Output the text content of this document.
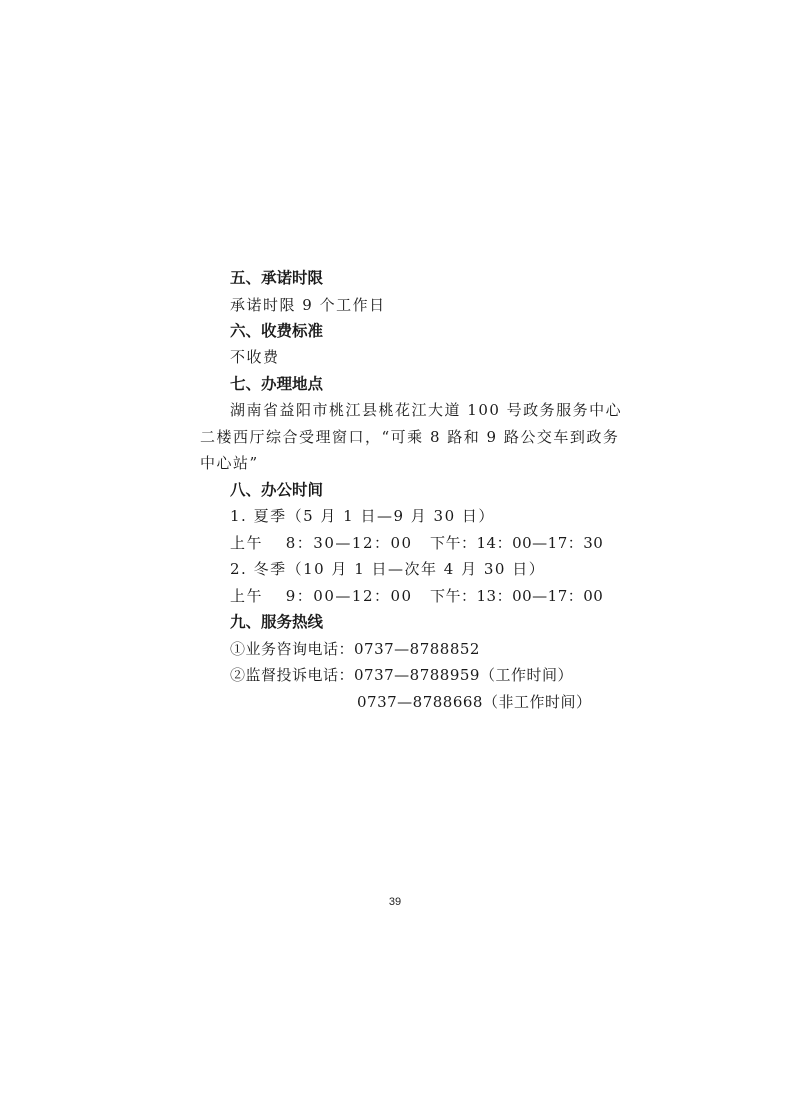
五、承诺时限
承诺时限 9 个工作日
六、收费标准
不收费
七、办理地点
湖南省益阳市桃江县桃花江大道 100 号政务服务中心
二楼西厅综合受理窗口，“可乘 8 路和 9 路公交车到政务
中心站”
八、办公时间
1. 夏季（5 月 1 日—9 月 30 日）
上午　 8：30—12：00 下午：14：00—17：30
2. 冬季（10 月 1 日—次年 4 月 30 日）
上午　 9：00—12：00 下午：13：00—17：00
九、服务热线
①业务咨询电话：0737—8788852
②监督投诉电话：0737—8788959（工作时间）
0737—8788668（非工作时间）
39
